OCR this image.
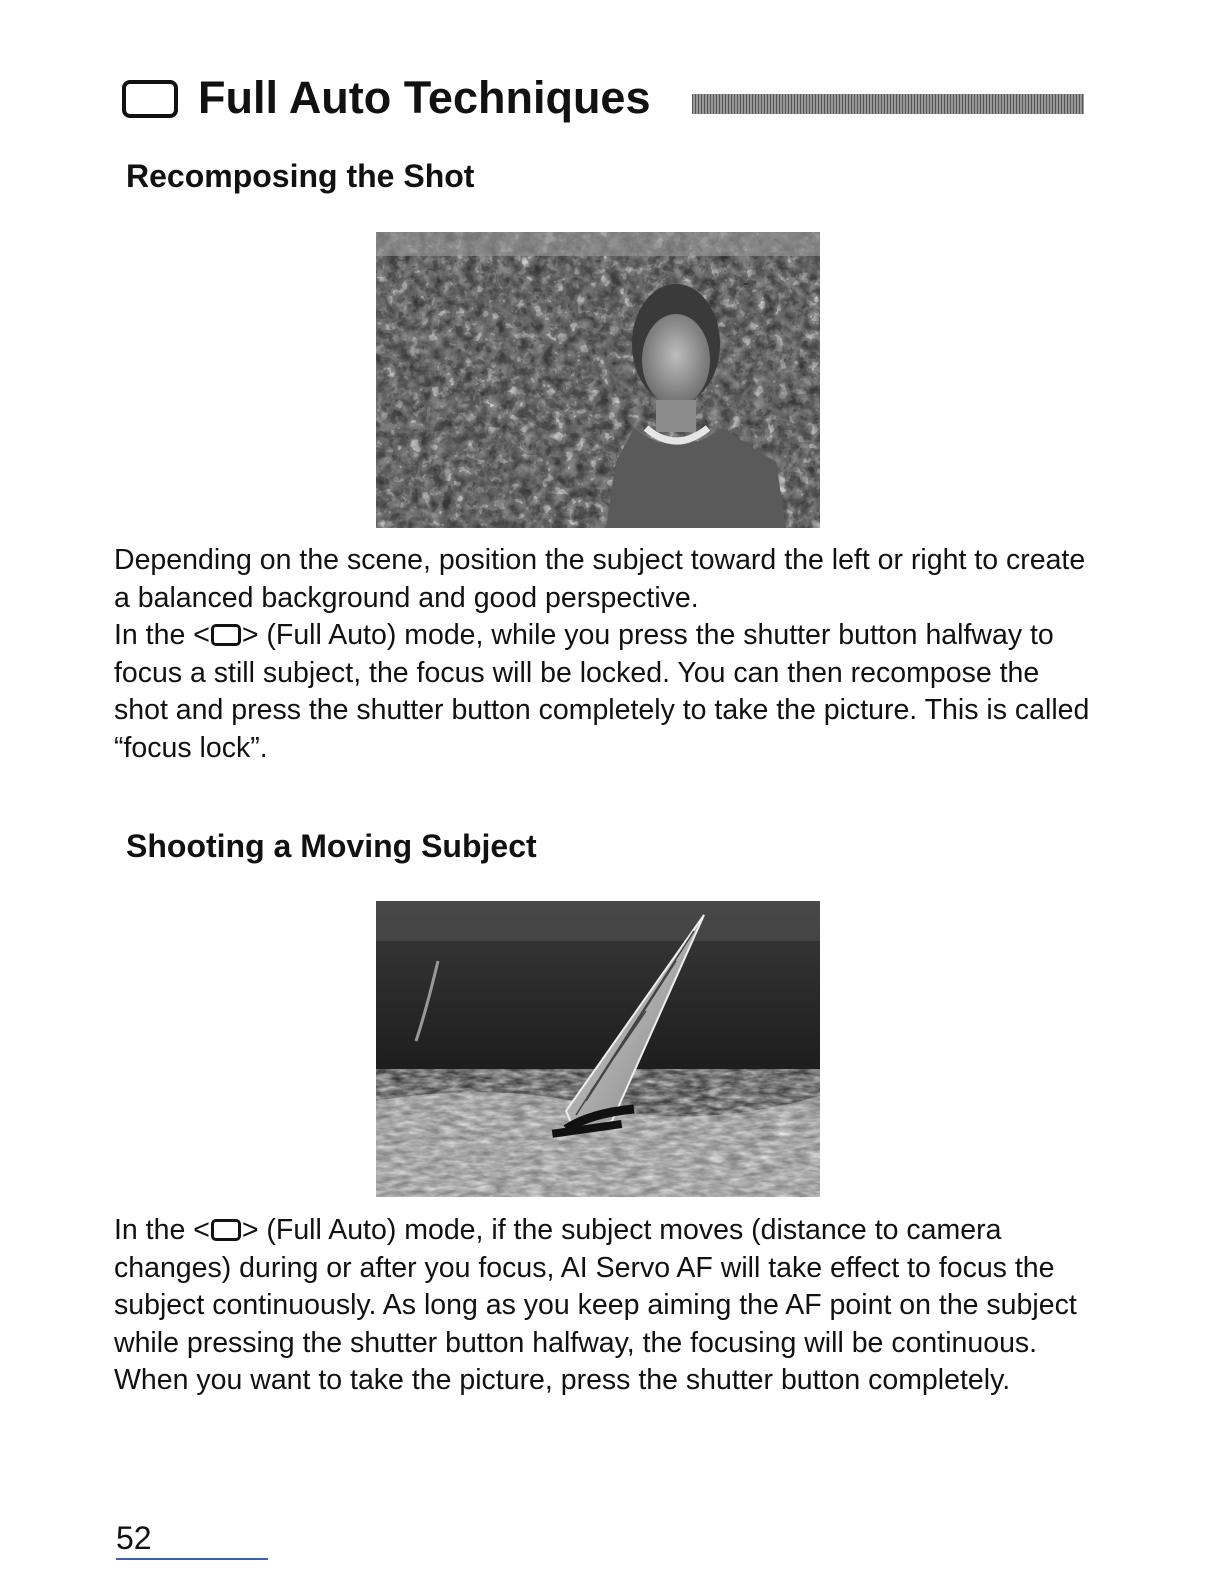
Full Auto Techniques
Recomposing the Shot

Depending on the scene, position the subject toward the left or right to create a balanced background and good perspective.

In the < > (Full Auto) mode, while you press the shutter button halfway to focus a still subject, the focus will be locked. You can then recompose the shot and press the shutter button completely to take the picture. This is called “focus lock”.

Shooting a Moving Subject

In the < > (Full Auto) mode, if the subject moves (distance to camera changes) during or after you focus, AI Servo AF will take effect to focus the subject continuously. As long as you keep aiming the AF point on the subject while pressing the shutter button halfway, the focusing will be continuous. When you want to take the picture, press the shutter button completely.

52
